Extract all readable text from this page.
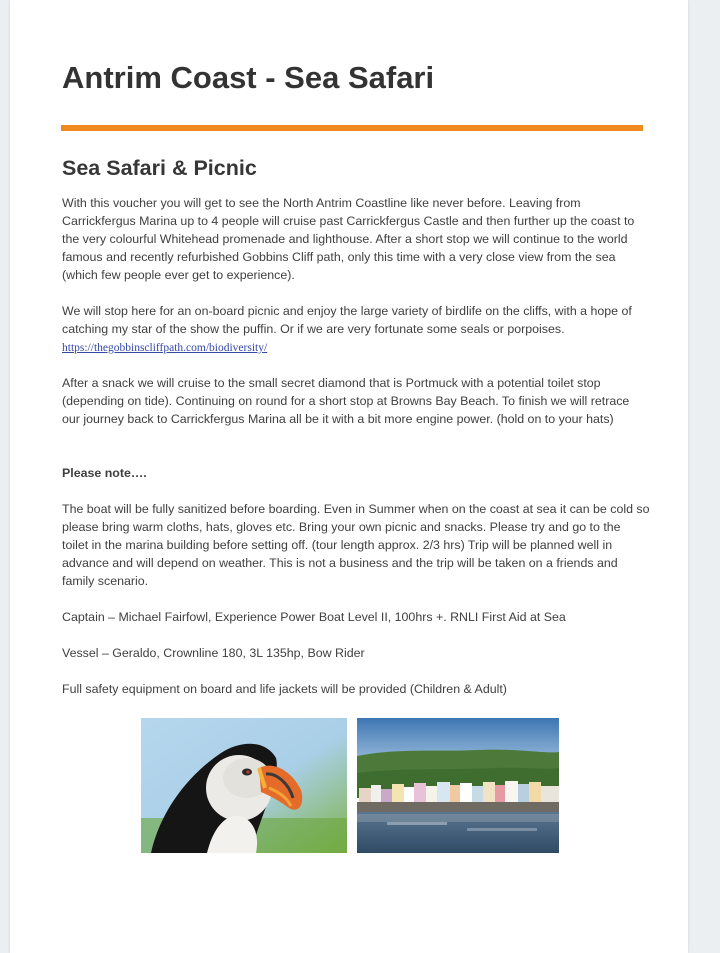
Antrim Coast - Sea Safari
Sea Safari & Picnic
With this voucher you will get to see the North Antrim Coastline like never before. Leaving from Carrickfergus Marina up to 4 people will cruise past Carrickfergus Castle and then further up the coast to the very colourful Whitehead promenade and lighthouse. After a short stop we will continue to the world famous and recently refurbished Gobbins Cliff path, only this time with a very close view from the sea (which few people ever get to experience).
We will stop here for an on-board picnic and enjoy the large variety of birdlife on the cliffs, with a hope of catching my star of the show the puffin. Or if we are very fortunate some seals or porpoises. https://thegobbinscliffpath.com/biodiversity/
After a snack we will cruise to the small secret diamond that is Portmuck with a potential toilet stop (depending on tide). Continuing on round for a short stop at Browns Bay Beach. To finish we will retrace our journey back to Carrickfergus Marina all be it with a bit more engine power. (hold on to your hats)
Please note….
The boat will be fully sanitized before boarding. Even in Summer when on the coast at sea it can be cold so please bring warm cloths, hats, gloves etc. Bring your own picnic and snacks. Please try and go to the toilet in the marina building before setting off. (tour length approx. 2/3 hrs) Trip will be planned well in advance and will depend on weather. This is not a business and the trip will be taken on a friends and family scenario.
Captain – Michael Fairfowl, Experience Power Boat Level II, 100hrs +. RNLI First Aid at Sea
Vessel – Geraldo, Crownline 180, 3L 135hp, Bow Rider
Full safety equipment on board and life jackets will be provided (Children & Adult)
